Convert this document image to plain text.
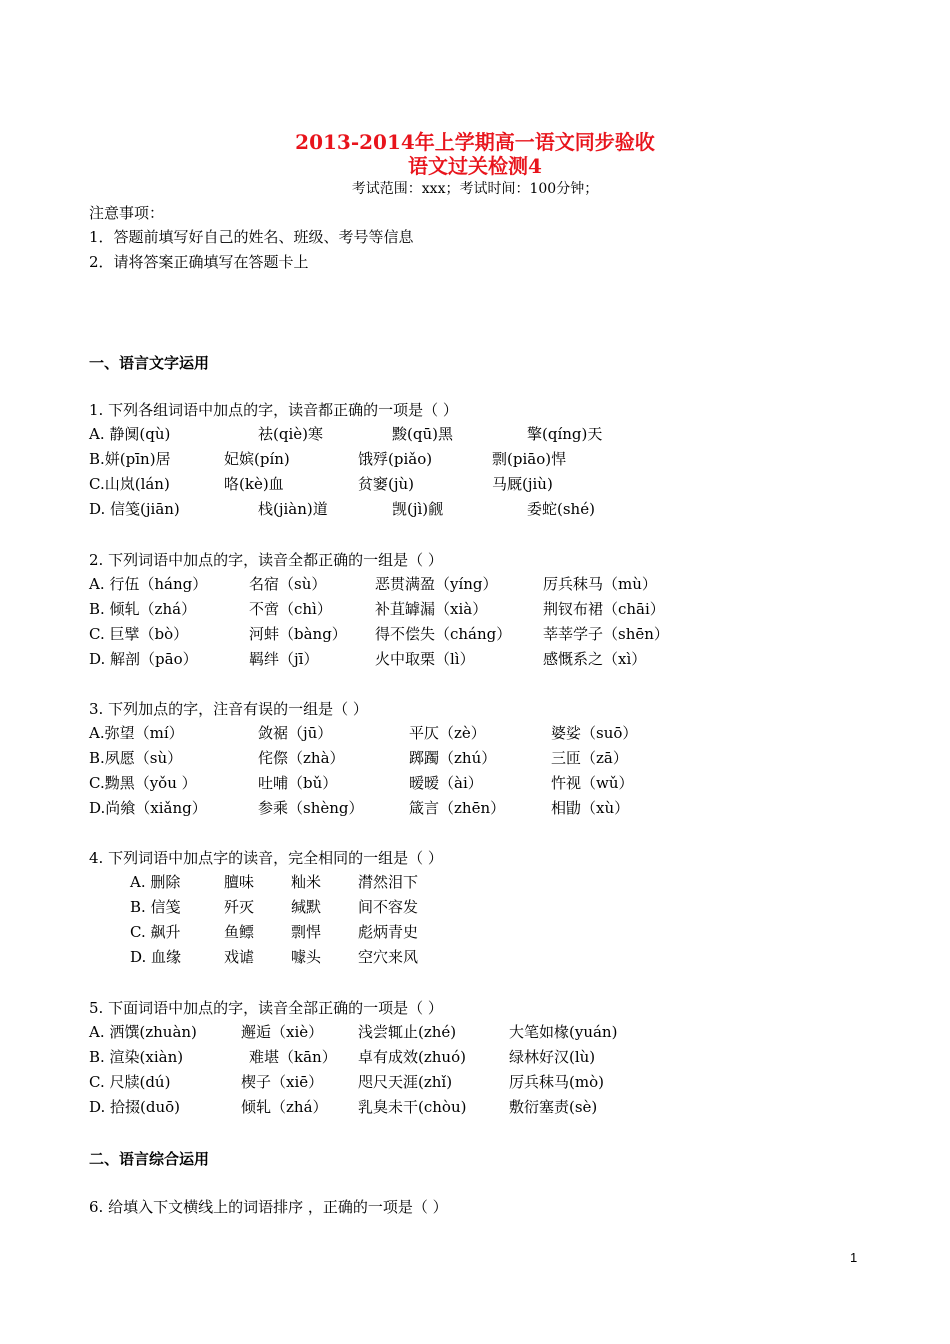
2013-2014年上学期高一语文同步验收
语文过关检测4
考试范围：xxx；考试时间：100分钟；
注意事项：
1．答题前填写好自己的姓名、班级、考号等信息
2．请将答案正确填写在答题卡上
一、语言文字运用
1. 下列各组词语中加点的字，读音都正确的一项是（ ）
A. 静阒(qù)	祛(qiè)寒	黢(qū)黑	擎(qíng)天
B.姘(pīn)居	妃嫔(pín)	饿殍(piǎo)	剽(piāo)悍
C.山岚(lán)	咯(kè)血	贫窭(jù)	马厩(jiù)
D. 信笺(jiān)	栈(jiàn)道	觊(jì)觎	委蛇(shé)
2. 下列词语中加点的字，读音全都正确的一组是（ ）
A. 行伍（háng）	名宿（sù）	恶贯满盈（yíng）	厉兵秣马（mù）
B. 倾轧（zhá）	不啻（chì）	补苴罅漏（xià）	荆钗布裙（chāi）
C. 巨擘（bò）	河蚌（bàng） 得不偿失（cháng） 莘莘学子（shēn）
D. 解剖（pāo）	羁绊（jī）	火中取栗（lì）	感慨系之（xì）
3. 下列加点的字，注音有误的一组是（ ）
A.弥望（mí）	敛裾（jū）	平仄（zè）	婆娑（suō）
B.夙愿（sù）	侘傺（zhà）	踯躅（zhú）	三匝（zā）
C.黝黑（yǒu ）	吐哺（bǔ）	暧暧（ài）	忤视（wǔ）
D.尚飨（xiǎng）	参乘（shèng）	箴言（zhēn）	相勖（xù）
4. 下列词语中加点字的读音，完全相同的一组是（ ）
A. 删除	膻味 籼米 潸然泪下
B. 信笺	歼灭 缄默 间不容发
C. 飙升	鱼鳔 剽悍 彪炳青史
D. 血缘	戏谑 噱头 空穴来风
5. 下面词语中加点的字，读音全部正确的一项是（ ）
A. 洒馔(zhuàn)	邂逅（xiè） 浅尝辄止(zhé)	大笔如椽(yuán)
B. 渲染(xiàn)	难堪（kān） 卓有成效(zhuó)	绿林好汉(lù)
C. 尺牍(dú)	楔子（xiē） 咫尺天涯(zhǐ)	厉兵秣马(mò)
D. 拾掇(duō)	倾轧（zhá） 乳臭未干(chòu)	敷衍塞责(sè)
二、语言综合运用
6. 给填入下文横线上的词语排序 ，正确的一项是（ ）
1
